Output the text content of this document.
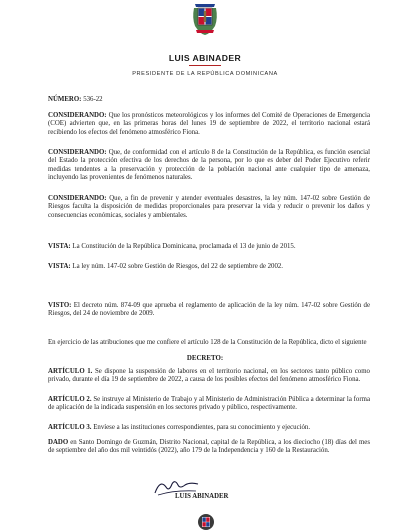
LUIS ABINADER
PRESIDENTE DE LA REPÚBLICA DOMINICANA
NÚMERO: 536-22

CONSIDERANDO: Que los pronósticos meteorológicos y los informes del Comité de Operaciones de Emergencia (COE) advierten que, en las primeras horas del lunes 19 de septiembre de 2022, el territorio nacional estará recibiendo los efectos del fenómeno atmosférico Fiona.

CONSIDERANDO: Que, de conformidad con el artículo 8 de la Constitución de la República, es función esencial del Estado la protección efectiva de los derechos de la persona, por lo que es deber del Poder Ejecutivo referir medidas tendentes a la preservación y protección de la población nacional ante cualquier tipo de amenaza, incluyendo las provenientes de fenómenos naturales.

CONSIDERANDO: Que, a fin de prevenir y atender eventuales desastres, la ley núm. 147-02 sobre Gestión de Riesgos faculta la disposición de medidas proporcionales para preservar la vida y reducir o prevenir los daños y consecuencias económicas, sociales y ambientales.

VISTA: La Constitución de la República Dominicana, proclamada el 13 de junio de 2015.

VISTA: La ley núm. 147-02 sobre Gestión de Riesgos, del 22 de septiembre de 2002.

VISTO: El decreto núm. 874-09 que aprueba el reglamento de aplicación de la ley núm. 147-02 sobre Gestión de Riesgos, del 24 de noviembre de 2009.

En ejercicio de las atribuciones que me confiere el artículo 128 de la Constitución de la República, dicto el siguiente
DECRETO:

ARTÍCULO 1. Se dispone la suspensión de labores en el territorio nacional, en los sectores tanto público como privado, durante el día 19 de septiembre de 2022, a causa de los posibles efectos del fenómeno atmosférico Fiona.

ARTÍCULO 2. Se instruye al Ministerio de Trabajo y al Ministerio de Administración Pública a determinar la forma de aplicación de la indicada suspensión en los sectores privado y público, respectivamente.

ARTÍCULO 3. Envíese a las instituciones correspondientes, para su conocimiento y ejecución.

DADO en Santo Domingo de Guzmán, Distrito Nacional, capital de la República, a los dieciocho (18) días del mes de septiembre del año dos mil veintidós (2022), año 179 de la Independencia y 160 de la Restauración.

LUIS ABINADER
